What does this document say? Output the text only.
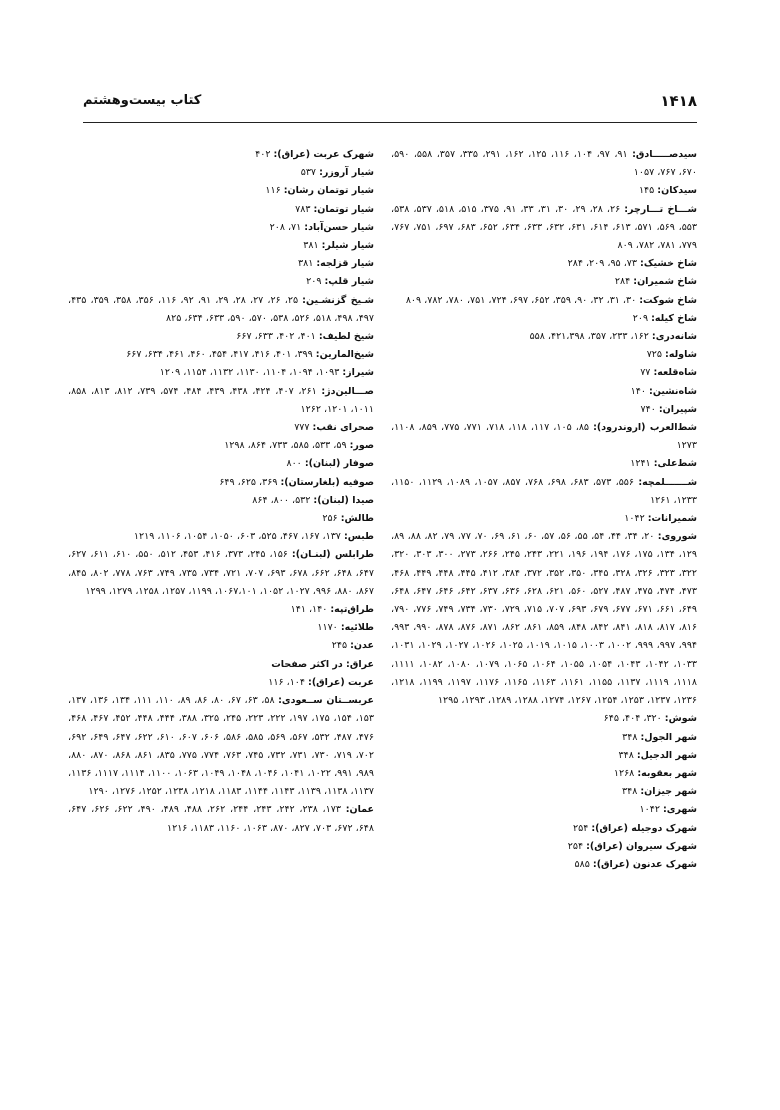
۱۴۱۸
کتاب بیست‌وهشتم

سیدصـــــادق: ۹۱، ۹۷، ۱۰۴، ۱۱۶، ۱۲۵، ۱۶۲، ۲۹۱، ۳۳۵، ۳۵۷، ۵۵۸، ۵۹۰، ۶۷۰، ۷۶۷، ۱۰۵۷

سیدکان: ۱۴۵

شـــاخ تـــارچر: ۲۶، ۲۸، ۲۹، ۳۰، ۳۱، ۳۳، ۹۱، ۳۷۵، ۵۱۵، ۵۱۸، ۵۳۷، ۵۳۸، ۵۵۳، ۵۶۹، ۵۷۱، ۶۱۳، ۶۱۴، ۶۳۱، ۶۳۲، ۶۳۳، ۶۳۴، ۶۵۲، ۶۸۳، ۶۹۷، ۷۵۱، ۷۶۷، ۷۷۹، ۷۸۱، ۷۸۲، ۸۰۹

شاخ خشیک: ۷۳، ۹۵، ۲۰۹، ۲۸۴

شاخ شمیران: ۲۸۴

شاخ شوکت: ۳۰، ۳۱، ۳۲، ۹۰، ۳۵۹، ۶۵۲، ۶۹۷، ۷۲۴، ۷۵۱، ۷۸۰، ۷۸۲، ۸۰۹

شاخ کیله: ۲۰۹

شانه‌دری: ۱۶۲، ۲۳۳، ۳۵۷، ۴۲۱،۳۹۸، ۵۵۸

شاوله: ۷۲۵

شاه‌قلعه: ۷۷

شاه‌نشین: ۱۴۰

شپیران: ۷۴۰

شط‌العرب (اروندرود): ۸۵، ۱۰۵، ۱۱۷، ۱۱۸، ۷۱۸، ۷۷۱، ۷۷۵، ۸۵۹، ۱۱۰۸، ۱۲۷۳

شط‌علی: ۱۲۴۱

شـــــــلمچه: ۵۵۶، ۵۷۳، ۶۸۳، ۶۹۸، ۷۶۸، ۸۵۷، ۱۰۵۷، ۱۰۸۹، ۱۱۲۹، ۱۱۵۰، ۱۲۳۳، ۱۲۶۱

شمیرانات: ۱۰۴۲

شوروی: ۲۰، ۳۴، ۴۴، ۵۴، ۵۵، ۵۶، ۵۷، ۶۰، ۶۱، ۶۹، ۷۰، ۷۷، ۷۹، ۸۲، ۸۸، ۸۹، ۱۲۹، ۱۳۴، ۱۷۵، ۱۷۶، ۱۹۴، ۱۹۶، ۲۲۱، ۲۴۳، ۲۴۵، ۲۶۶، ۲۷۳، ۳۰۰، ۳۰۳، ۳۲۰، ۳۲۲، ۳۲۳، ۳۲۶، ۳۲۸، ۳۴۵، ۳۵۰، ۳۵۲، ۳۷۲، ۳۸۴، ۴۱۲، ۴۴۵، ۴۴۸، ۴۴۹، ۴۶۸، ۴۷۳، ۴۷۴، ۴۷۵، ۴۸۷، ۵۲۷، ۵۶۰، ۶۲۱، ۶۲۸، ۶۳۶، ۶۳۷، ۶۴۲، ۶۴۶، ۶۴۷، ۶۴۸، ۶۴۹، ۶۶۱، ۶۷۱، ۶۷۷، ۶۷۹، ۶۹۳، ۷۰۷، ۷۱۵، ۷۲۹، ۷۳۰، ۷۳۴، ۷۴۹، ۷۷۶، ۷۹۰، ۸۱۶، ۸۱۷، ۸۱۸، ۸۴۱، ۸۴۲، ۸۴۸، ۸۵۹، ۸۶۱، ۸۶۲، ۸۷۱، ۸۷۶، ۸۷۸، ۹۹۰، ۹۹۳، ۹۹۴، ۹۹۷، ۹۹۹، ۱۰۰۲، ۱۰۰۳، ۱۰۱۵، ۱۰۱۹، ۱۰۲۵، ۱۰۲۶، ۱۰۲۷، ۱۰۲۹، ۱۰۳۱، ۱۰۳۳، ۱۰۴۲، ۱۰۴۳، ۱۰۵۴، ۱۰۵۵، ۱۰۶۴، ۱۰۶۵، ۱۰۷۹، ۱۰۸۰، ۱۰۸۲، ۱۱۱۱، ۱۱۱۸، ۱۱۱۹، ۱۱۳۷، ۱۱۵۵، ۱۱۶۱، ۱۱۶۳، ۱۱۶۵، ۱۱۷۶، ۱۱۹۷، ۱۱۹۹، ۱۲۱۸، ۱۲۳۶، ۱۲۳۷، ۱۲۵۳، ۱۲۵۴، ۱۲۶۷، ۱۲۷۴، ۱۲۸۸، ۱۲۸۹، ۱۲۹۳، ۱۲۹۵

شوش: ۳۲۰، ۴۰۴، ۶۴۵

شهر الجول: ۳۴۸

شهر الدجیل: ۳۴۸

شهر بعقوبه: ۱۲۶۸

شهر جیزان: ۳۴۸

شهری: ۱۰۴۲

شهرک دوجیله (عراق): ۲۵۴

شهرک سیروان (عراق): ۲۵۴

شهرک عدنون (عراق): ۵۸۵

شهرک عربت (عراق): ۴۰۲

شیار آروزر: ۵۳۷

شیار توتمان رشان: ۱۱۶

شیار توتمان: ۷۸۳

شیار حسن‌آباد: ۷۱، ۲۰۸

شیار شیلر: ۳۸۱

شیار قزلجه: ۳۸۱

شیار قلپ: ۲۰۹

شـیخ گزنشـین: ۲۵، ۲۶، ۲۷، ۲۸، ۲۹، ۹۱، ۹۲، ۱۱۶، ۳۵۶، ۳۵۸، ۳۵۹، ۴۳۵، ۴۹۷، ۴۹۸، ۵۱۸، ۵۲۶، ۵۳۸، ۵۷۰، ۵۹۰، ۶۳۳، ۶۳۴، ۸۲۵

شیخ لطیف: ۴۰۱، ۴۰۲، ۶۳۳، ۶۶۷

شیخ‌المارین: ۳۹۹، ۴۰۱، ۴۱۶، ۴۱۷، ۴۵۴، ۴۶۰، ۴۶۱، ۶۳۴، ۶۶۷

شیراز: ۱۰۹۳، ۱۰۹۴، ۱۱۰۴، ۱۱۳۰، ۱۱۳۲، ۱۱۵۴، ۱۲۰۹

صـــالین‌دژ: ۲۶۱، ۴۰۷، ۴۲۴، ۴۳۸، ۴۳۹، ۴۸۴، ۵۷۴، ۷۳۹، ۸۱۲، ۸۱۳، ۸۵۸، ۱۰۱۱، ۱۲۰۱، ۱۲۶۲

صحرای نقب: ۷۷۷

صور: ۵۹، ۵۳۳، ۵۸۵، ۷۳۳، ۸۶۴، ۱۲۹۸

صوفار (لبنان): ۸۰۰

صوفیه (بلغارستان): ۳۶۹، ۶۲۵، ۶۴۹

صیدا (لبنان): ۵۳۲، ۸۰۰، ۸۶۴

طالش: ۲۵۶

طبس: ۱۳۷، ۱۶۷، ۴۶۷، ۵۲۵، ۶۰۳، ۱۰۵۰، ۱۰۵۴، ۱۱۰۶، ۱۲۱۹

طرابلس (لبنـان): ۱۵۶، ۲۴۵، ۳۷۳، ۴۱۶، ۴۵۳، ۵۱۲، ۵۵۰، ۶۱۰، ۶۱۱، ۶۲۷، ۶۴۷، ۶۴۸، ۶۶۲، ۶۷۸، ۶۹۳، ۷۰۷، ۷۲۱، ۷۳۴، ۷۳۵، ۷۴۹، ۷۶۳، ۷۷۸، ۸۰۲، ۸۴۵، ۸۶۷، ۸۸۰، ۹۹۶، ۱۰۲۷، ۱۰۵۲، ۱۰۶۷،۱۰۱، ۱۱۹۹، ۱۲۵۷، ۱۲۵۸، ۱۲۷۹، ۱۲۹۹

طراق‌تپه: ۱۴۰، ۱۴۱

طلائیه: ۱۱۷۰

عدن: ۲۴۵

عراق: در اکثر صفحات

عربت (عراق): ۱۰۴، ۱۱۶

عربســتان ســعودی: ۵۸، ۶۳، ۶۷، ۸۰، ۸۶، ۸۹، ۱۱۰، ۱۱۱، ۱۳۴، ۱۳۶، ۱۳۷، ۱۵۳، ۱۵۴، ۱۷۵، ۱۹۷، ۲۲۲، ۲۲۳، ۲۴۵، ۳۲۵، ۳۸۸، ۴۴۴، ۴۴۸، ۴۵۲، ۴۶۷، ۴۶۸، ۴۷۶، ۴۸۷، ۵۳۲، ۵۶۷، ۵۶۹، ۵۸۵، ۵۸۶، ۶۰۶، ۶۰۷، ۶۱۰، ۶۲۲، ۶۴۷، ۶۴۹، ۶۹۲، ۷۰۲، ۷۱۹، ۷۳۰، ۷۳۱، ۷۳۲، ۷۴۵، ۷۶۳، ۷۷۴، ۷۷۵، ۸۳۵، ۸۶۱، ۸۶۸، ۸۷۰، ۸۸۰، ۹۸۹، ۹۹۱، ۱۰۲۲، ۱۰۴۱، ۱۰۴۶، ۱۰۴۸، ۱۰۴۹، ۱۰۶۳، ۱۱۰۰، ۱۱۱۴، ۱۱۱۷، ۱۱۳۶، ۱۱۳۷، ۱۱۳۸، ۱۱۳۹، ۱۱۴۳، ۱۱۴۴، ۱۱۸۳، ۱۲۱۸، ۱۲۳۸، ۱۲۵۲، ۱۲۷۶، ۱۲۹۰

عمان: ۱۷۳، ۲۳۸، ۲۴۲، ۲۴۳، ۲۴۴، ۲۶۲، ۴۸۸، ۴۸۹، ۴۹۰، ۶۲۲، ۶۲۶، ۶۴۷، ۶۴۸، ۶۷۲، ۷۰۳، ۸۲۷، ۸۷۰، ۱۰۶۳، ۱۱۶۰، ۱۱۸۳، ۱۲۱۶
